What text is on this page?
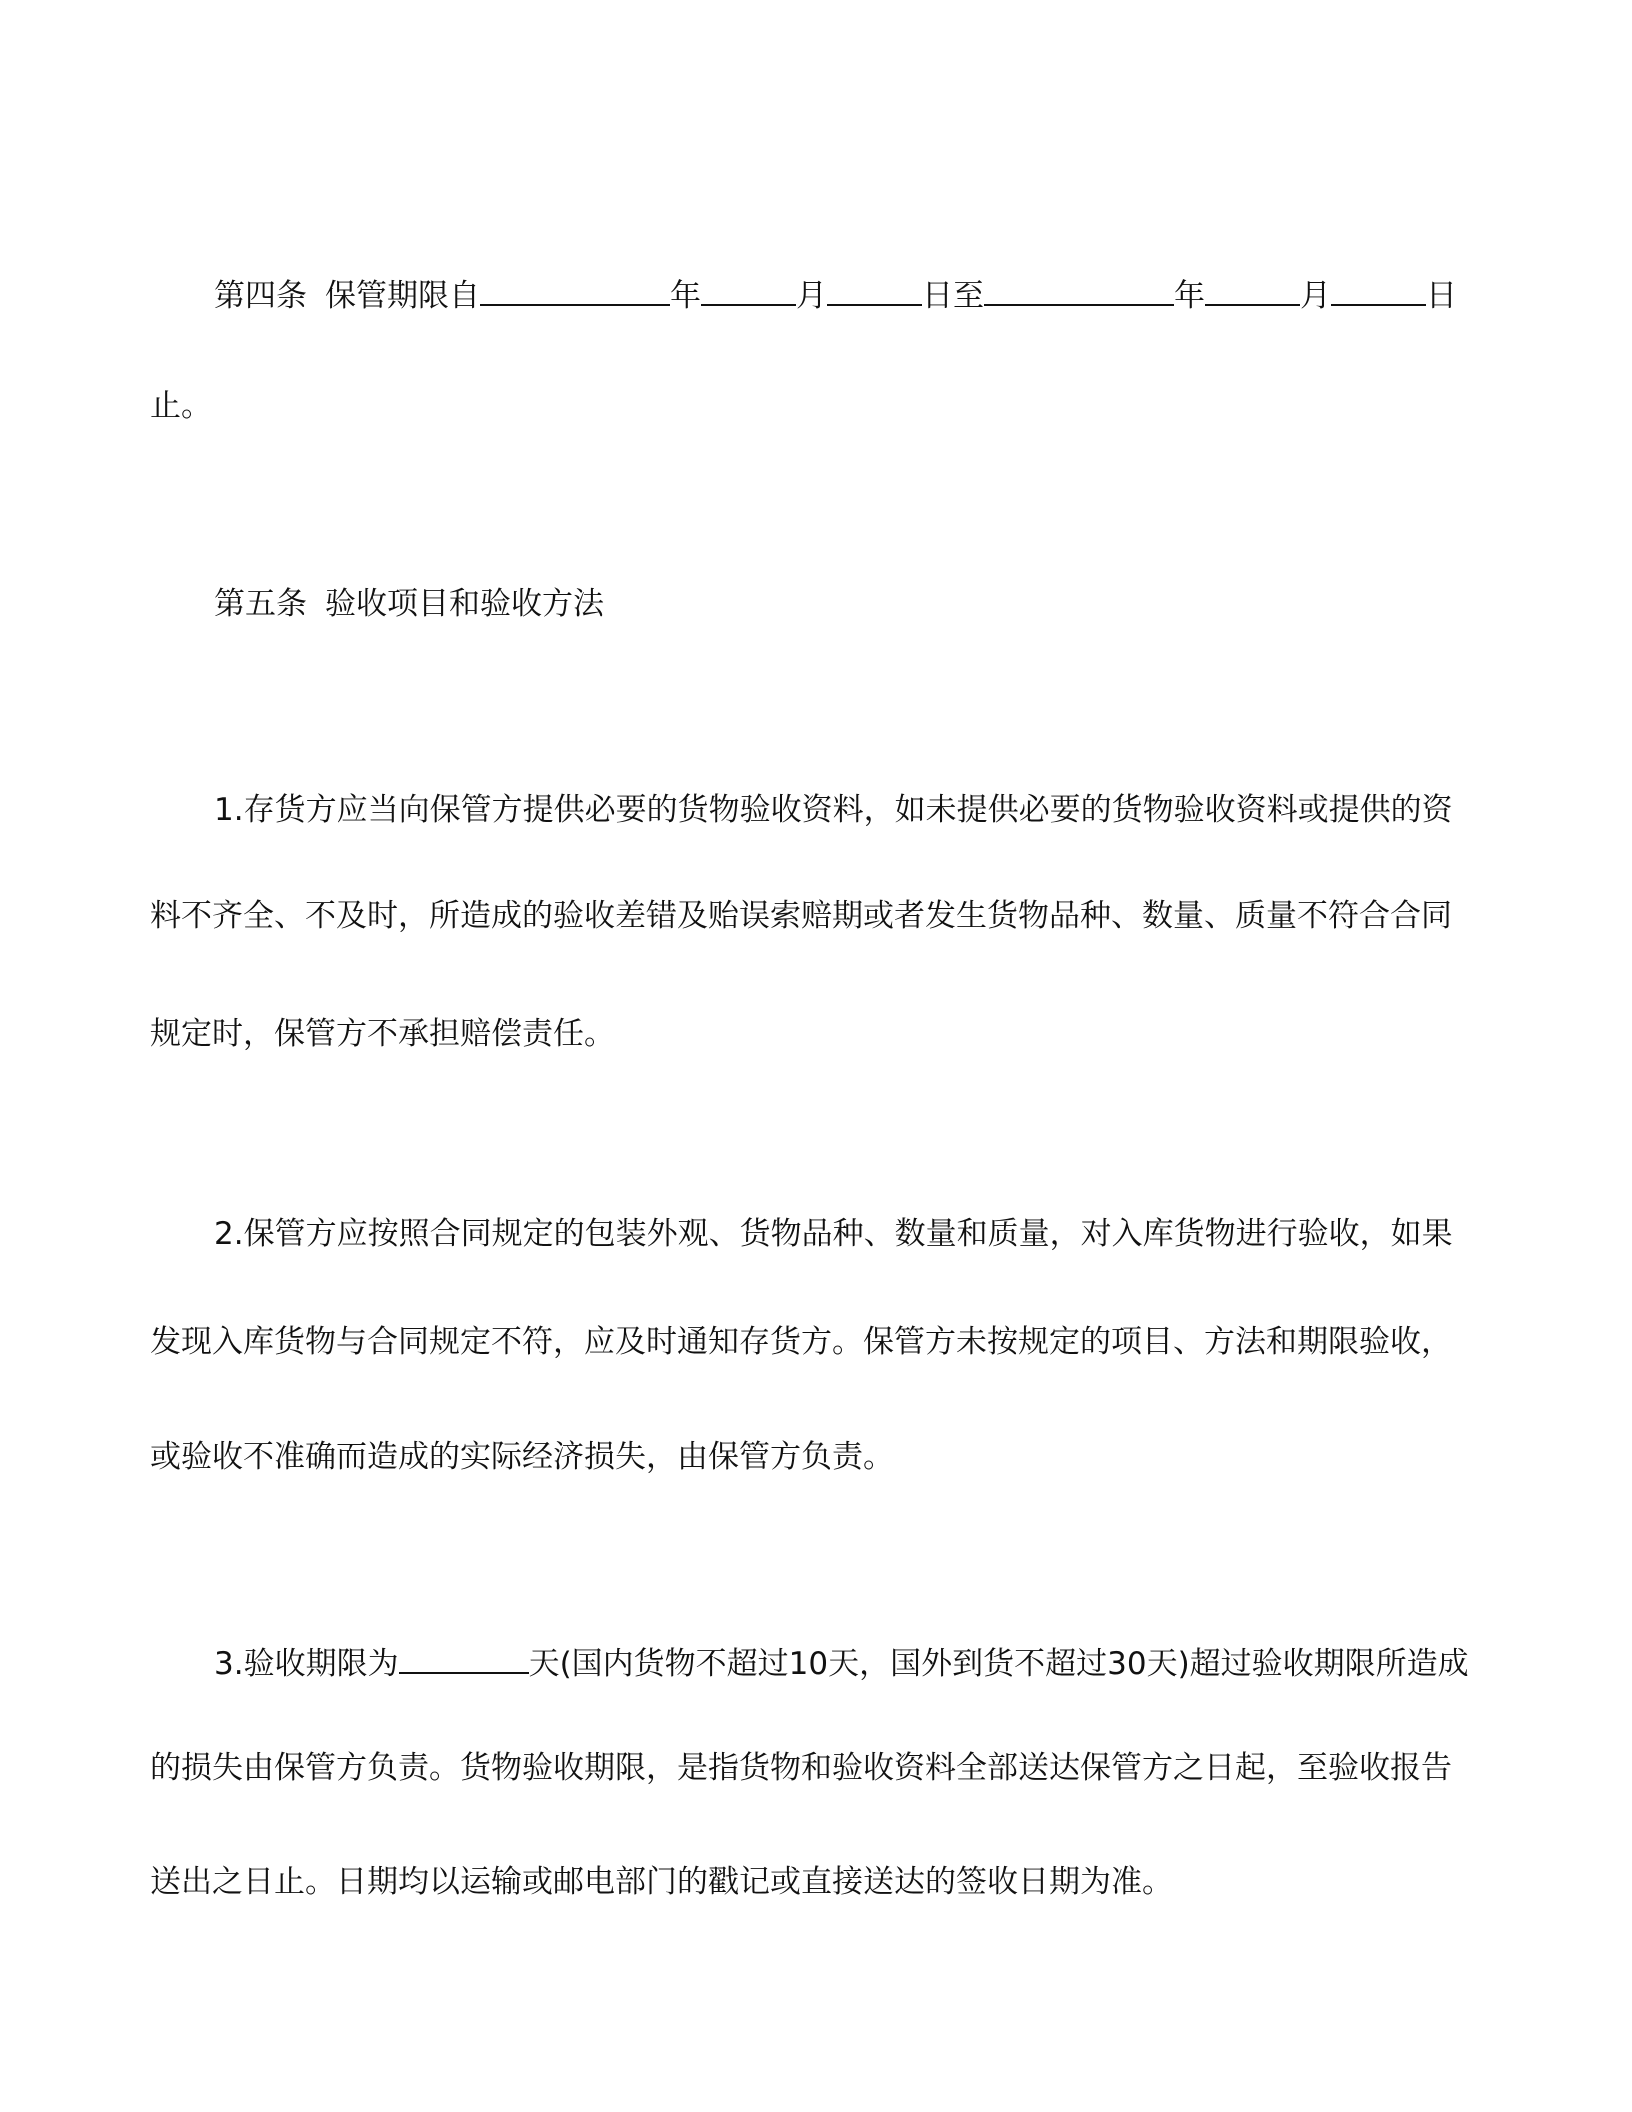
第四条 保管期限自	年	月	日至	年	月	日
止。
第五条 验收项目和验收方法
1.存货方应当向保管方提供必要的货物验收资料，如未提供必要的货物验收资料或提供的资
料不齐全、不及时，所造成的验收差错及贻误索赔期或者发生货物品种、数量、质量不符合合同
规定时，保管方不承担赔偿责任。
2.保管方应按照合同规定的包装外观、货物品种、数量和质量，对入库货物进行验收，如果
发现入库货物与合同规定不符，应及时通知存货方。保管方未按规定的项目、方法和期限验收，
或验收不准确而造成的实际经济损失，由保管方负责。
3.验收期限为	天(国内货物不超过10天，国外到货不超过30天)超过验收期限所造成
的损失由保管方负责。货物验收期限，是指货物和验收资料全部送达保管方之日起，至验收报告
送出之日止。日期均以运输或邮电部门的戳记或直接送达的签收日期为准。
